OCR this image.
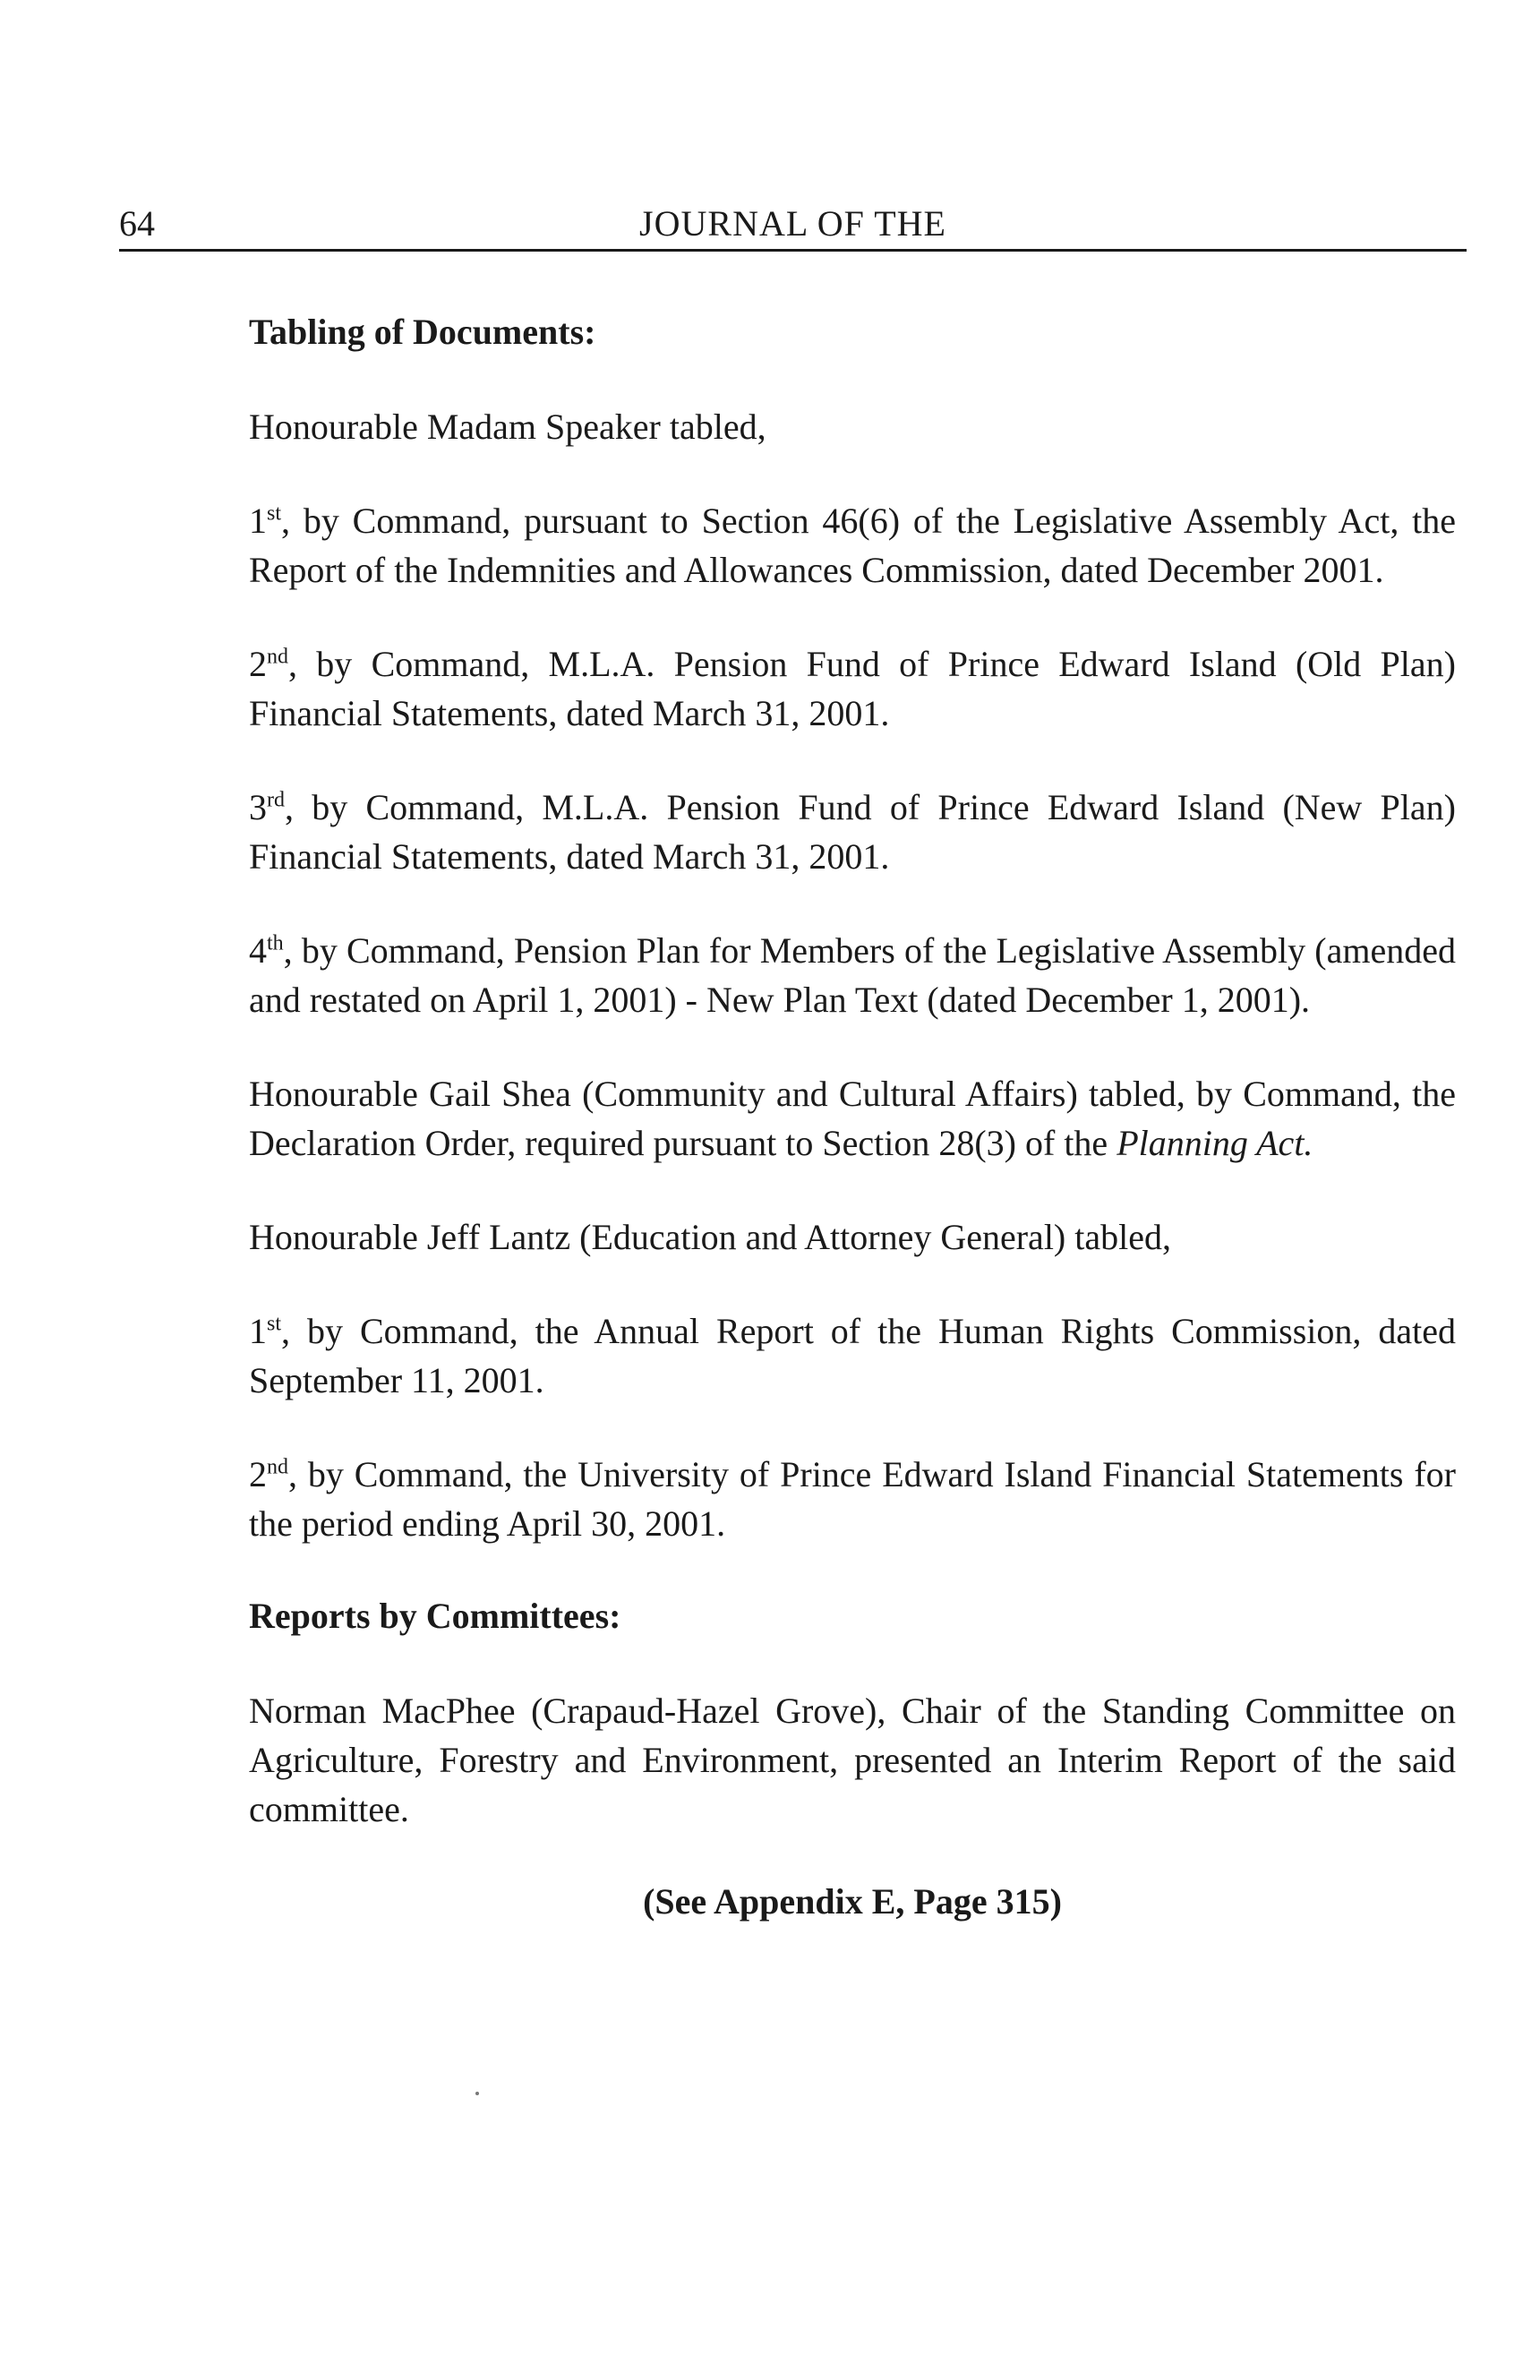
64	JOURNAL OF THE

Tabling of Documents:

Honourable Madam Speaker tabled,

1st, by Command, pursuant to Section 46(6) of the Legislative Assembly Act, the Report of the Indemnities and Allowances Commission, dated December 2001.

2nd, by Command, M.L.A. Pension Fund of Prince Edward Island (Old Plan) Financial Statements, dated March 31, 2001.

3rd, by Command, M.L.A. Pension Fund of Prince Edward Island (New Plan) Financial Statements, dated March 31, 2001.

4th, by Command, Pension Plan for Members of the Legislative Assembly (amended and restated on April 1, 2001) - New Plan Text (dated December 1, 2001).

Honourable Gail Shea (Community and Cultural Affairs) tabled, by Command, the Declaration Order, required pursuant to Section 28(3) of the Planning Act.

Honourable Jeff Lantz (Education and Attorney General) tabled,

1st, by Command, the Annual Report of the Human Rights Commission, dated September 11, 2001.

2nd, by Command, the University of Prince Edward Island Financial Statements for the period ending April 30, 2001.

Reports by Committees:

Norman MacPhee (Crapaud-Hazel Grove), Chair of the Standing Committee on Agriculture, Forestry and Environment, presented an Interim Report of the said committee.

(See Appendix E, Page 315)
